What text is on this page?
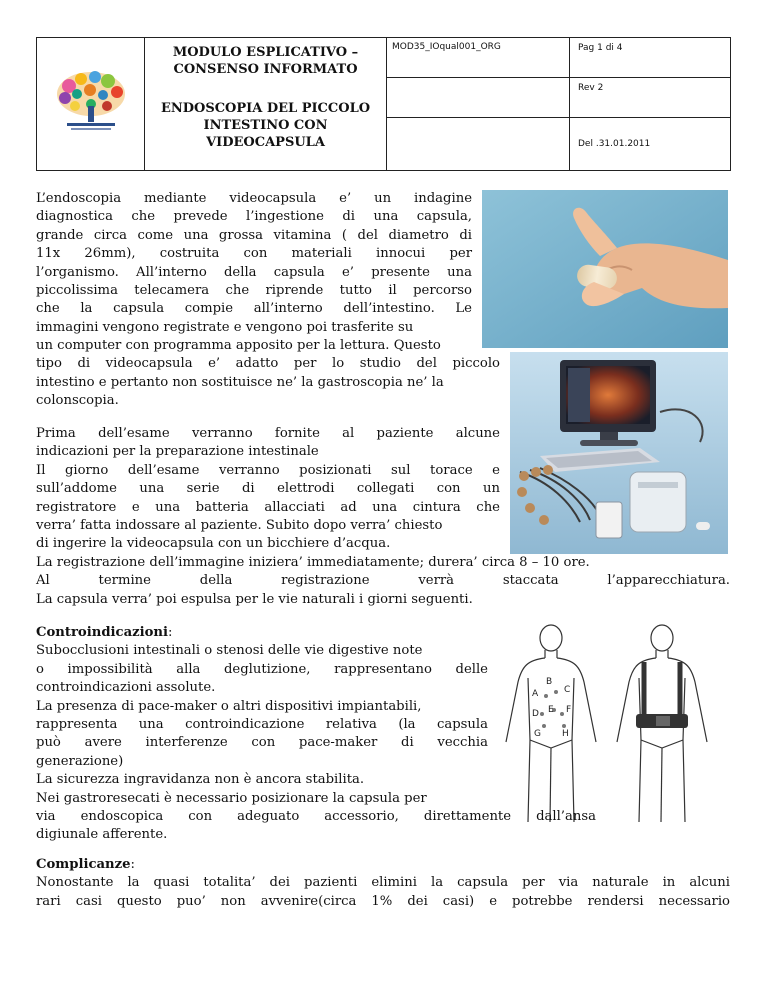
MODULO ESPLICATIVO –
CONSENSO INFORMATO
ENDOSCOPIA DEL PICCOLO
INTESTINO CON
VIDEOCAPSULA	MOD35_IOqual001_ORG	Pag 1 di 4
			Rev 2
			Del .31.01.2011
A
B
C
D E F
G H
L’endoscopia mediante videocapsula e’ un indagine
diagnostica che prevede l’ingestione di una capsula,
grande circa come una grossa vitamina ( del diametro di
11x 26mm), costruita con materiali innocui per
l’organismo. All’interno della capsula e’ presente una
piccolissima telecamera che riprende tutto il percorso
che la capsula compie all’interno dell’intestino. Le
immagini vengono registrate e vengono poi trasferite su
un computer con programma apposito per la lettura. Questo
tipo di videocapsula e’ adatto per lo studio del piccolo
intestino e pertanto non sostituisce ne’ la gastroscopia ne’ la
colonscopia.
Prima dell’esame verranno fornite al paziente alcune
indicazioni per la preparazione intestinale
Il giorno dell’esame verranno posizionati sul torace e
sull’addome una serie di elettrodi collegati con un
registratore e una batteria allacciati ad una cintura che
verra’ fatta indossare al paziente. Subito dopo verra’ chiesto
di ingerire la videocapsula con un bicchiere d’acqua.
La registrazione dell’immagine iniziera’ immediatamente; durera’ circa 8 – 10 ore.
Al termine della registrazione verrà staccata l’apparecchiatura.
La capsula verra’ poi espulsa per le vie naturali i giorni seguenti.
Controindicazioni:
Subocclusioni intestinali o stenosi delle vie digestive note
o impossibilità alla deglutizione, rappresentano delle
controindicazioni assolute.
La presenza di pace-maker o altri dispositivi impiantabili,
rappresenta una controindicazione relativa (la capsula
può avere interferenze con pace-maker di vecchia
generazione)
La sicurezza ingravidanza non è ancora stabilita.
Nei gastroresecati è necessario posizionare la capsula per
via endoscopica con adeguato accessorio, direttamente dall’ansa
digiunale afferente.
Complicanze:
Nonostante la quasi totalita’ dei pazienti elimini la capsula per via naturale in alcuni
rari casi questo puo’ non avvenire(circa 1% dei casi) e potrebbe rendersi necessario
